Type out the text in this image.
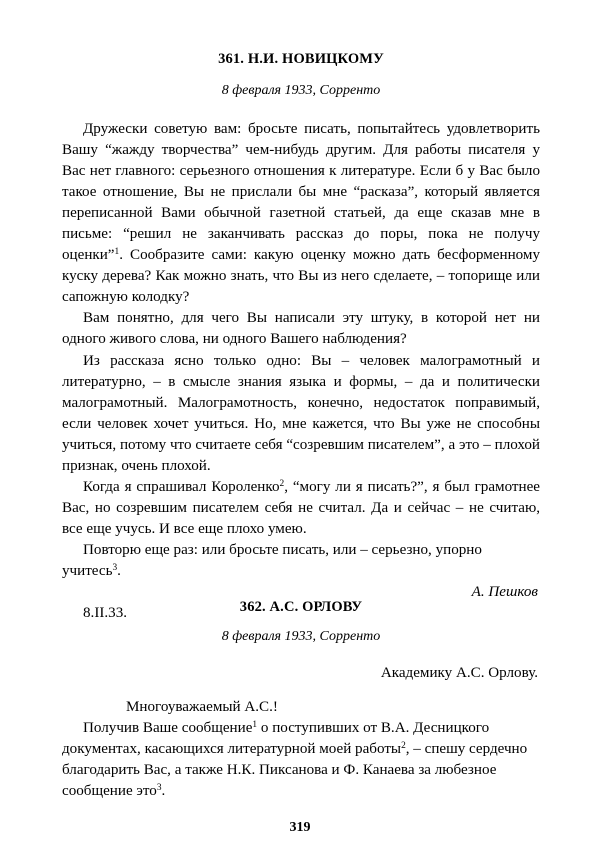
361. Н.И. НОВИЦКОМУ
8 февраля 1933, Сорренто

Дружески советую вам: бросьте писать, попытайтесь удовлетворить Вашу “жажду творчества” чем-нибудь другим. Для работы писателя у Вас нет главного: серьезного отношения к литературе. Если б у Вас было такое отношение, Вы не прислали бы мне “расказа”, который является переписанной Вами обычной газетной статьей, да еще сказав мне в письме: “решил не заканчивать рассказ до поры, пока не получу оценки”$^1$. Сообразите сами: какую оценку можно дать бесформенному куску дерева? Как можно знать, что Вы из него сделаете, – топорище или сапожную колодку?

Вам понятно, для чего Вы написали эту штуку, в которой нет ни одного живого слова, ни одного Вашего наблюдения?

Из рассказа ясно только одно: Вы – человек малограмотный и литературно, – в смысле знания языка и формы, – да и политически малограмотный. Малограмотность, конечно, недостаток поправимый, если человек хочет учиться. Но, мне кажется, что Вы уже не способны учиться, потому что считаете себя “созревшим писателем”, а это – плохой признак, очень плохой.

Когда я спрашивал Короленко$^2$, “могу ли я писать?”, я был грамотнее Вас, но созревшим писателем себя не считал. Да и сейчас – не считаю, все еще учусь. И все еще плохо умею.

Повторю еще раз: или бросьте писать, или – серьезно, упорно учитесь$^3$.

А. Пешков
8.II.33.	362. А.С. ОРЛОВУ
8 февраля 1933, Сорренто
Академику А.С. Орлову.
Многоуважаемый А.С.!

Получив Ваше сообщение$^1$ о поступивших от В.А. Десницкого документах, касающихся литературной моей работы$^2$, – спешу сердечно благодарить Вас, а также Н.К. Пиксанова и Ф. Канаева за любезное сообщение это$^3$.

319
